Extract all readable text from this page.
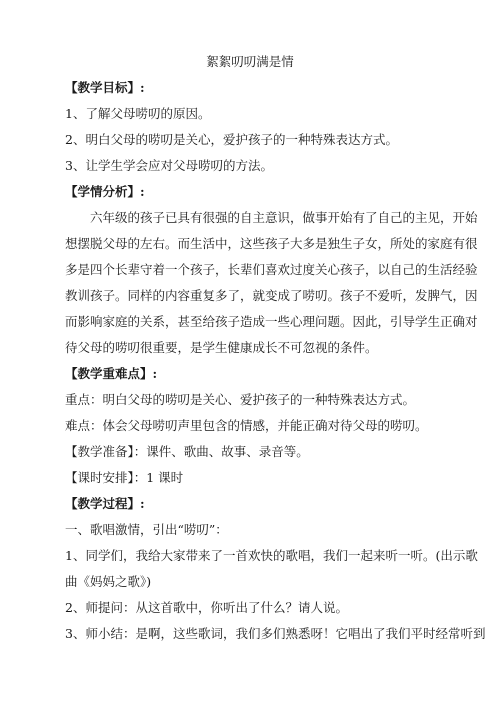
絮絮叨叨满是情
【教学目标】:
1、了解父母唠叨的原因。
2、明白父母的唠叨是关心，爱护孩子的一种特殊表达方式。
3、让学生学会应对父母唠叨的方法。
【学情分析】:
六年级的孩子已具有很强的自主意识，做事开始有了自己的主见，开始
想摆脱父母的左右。而生活中，这些孩子大多是独生子女，所处的家庭有很
多是四个长辈守着一个孩子，长辈们喜欢过度关心孩子，以自己的生活经验
教训孩子。同样的内容重复多了，就变成了唠叨。孩子不爱听，发脾气，因
而影响家庭的关系，甚至给孩子造成一些心理问题。因此，引导学生正确对
待父母的唠叨很重要，是学生健康成长不可忽视的条件。
【教学重难点】:
重点：明白父母的唠叨是关心、爱护孩子的一种特殊表达方式。
难点：体会父母唠叨声里包含的情感，并能正确对待父母的唠叨。
【教学准备】：课件、歌曲、故事、录音等。
【课时安排】：1 课时
【教学过程】:
一、歌唱激情，引出“唠叨”：
1、同学们，我给大家带来了一首欢快的歌唱，我们一起来听一听。(出示歌
曲《妈妈之歌》)
2、师提问：从这首歌中，你听出了什么？请人说。
3、师小结：是啊，这些歌词，我们多们熟悉呀！它唱出了我们平时经常听到
